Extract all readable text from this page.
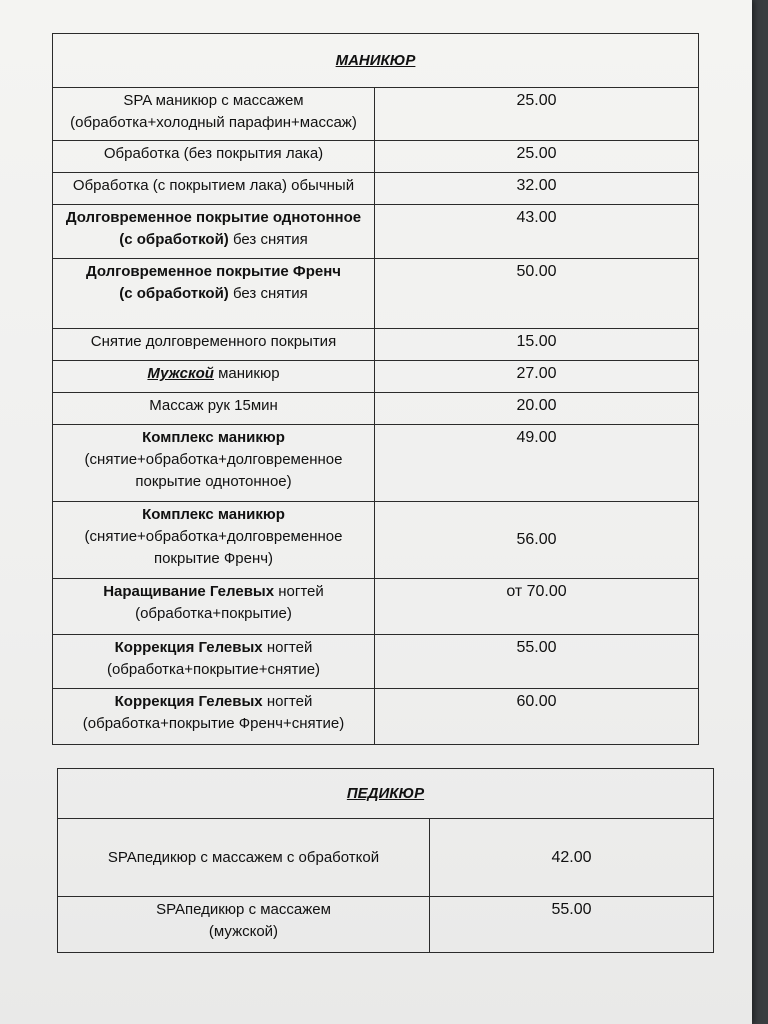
МАНИКЮР	

SPA маникюр с массажем
(обработка+холодный парафин+массаж)	25.00

Обработка (без покрытия лака)	25.00

Обработка (с покрытием лака) обычный	32.00

Долговременное покрытие однотонное
(с обработкой) без снятия	43.00

Долговременное покрытие Френч
(с обработкой) без снятия	50.00

Снятие долговременного покрытия	15.00

Мужской маникюр	27.00

Массаж рук 15мин	20.00

Комплекс маникюр
(снятие+обработка+долговременное
покрытие однотонное)	49.00

Комплекс маникюр
(снятие+обработка+долговременное
покрытие Френч)	56.00

Наращивание Гелевых ногтей
(обработка+покрытие)	от 70.00

Коррекция Гелевых ногтей
(обработка+покрытие+снятие)	55.00

Коррекция Гелевых ногтей
(обработка+покрытие Френч+снятие)	60.00
ПЕДИКЮР	

SPAпедикюр с массажем с обработкой	42.00

SPAпедикюр с массажем
(мужской)	55.00
